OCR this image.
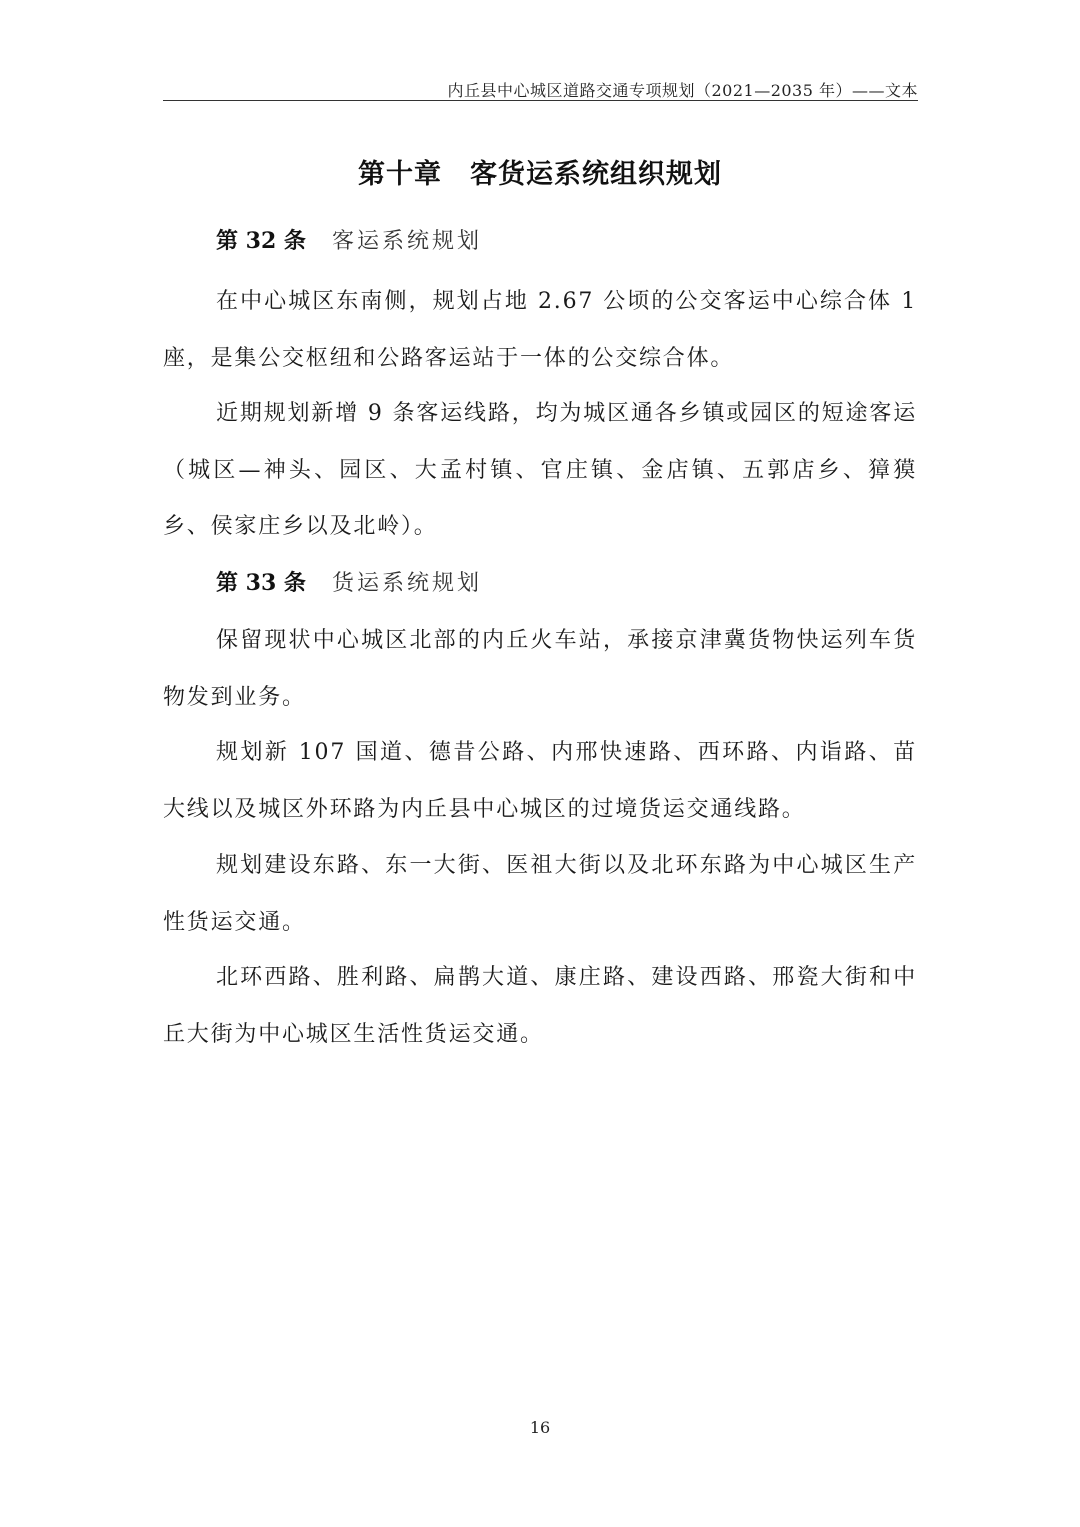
内丘县中心城区道路交通专项规划（2021—2035 年）——文本
第十章　客货运系统组织规划
第 32 条 客运系统规划

在中心城区东南侧，规划占地 2.67 公顷的公交客运中心综合体 1 座，是集公交枢纽和公路客运站于一体的公交综合体。

近期规划新增 9 条客运线路，均为城区通各乡镇或园区的短途客运（城区—神头、园区、大孟村镇、官庄镇、金店镇、五郭店乡、獐獏乡、侯家庄乡以及北岭）。

第 33 条 货运系统规划

保留现状中心城区北部的内丘火车站，承接京津冀货物快运列车货物发到业务。

规划新 107 国道、德昔公路、内邢快速路、西环路、内诣路、苗大线以及城区外环路为内丘县中心城区的过境货运交通线路。

规划建设东路、东一大街、医祖大街以及北环东路为中心城区生产性货运交通。

北环西路、胜利路、扁鹊大道、康庄路、建设西路、邢瓷大街和中丘大街为中心城区生活性货运交通。

16
